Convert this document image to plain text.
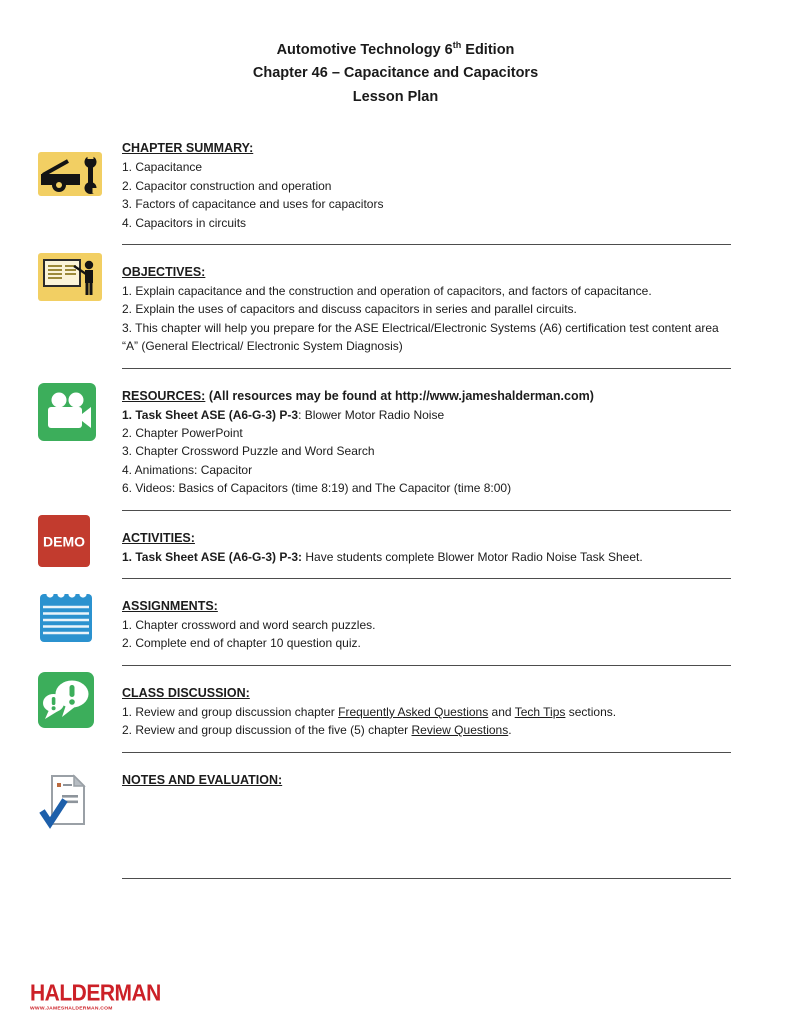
Automotive Technology 6th Edition
Chapter 46 – Capacitance and Capacitors
Lesson Plan
CHAPTER SUMMARY:

1. Capacitance

2. Capacitor construction and operation

3. Factors of capacitance and uses for capacitors

4. Capacitors in circuits

OBJECTIVES:

1. Explain capacitance and the construction and operation of capacitors, and factors of capacitance.

2. Explain the uses of capacitors and discuss capacitors in series and parallel circuits.

3. This chapter will help you prepare for the ASE Electrical/Electronic Systems (A6) certification test content area “A” (General Electrical/ Electronic System Diagnosis)

RESOURCES: (All resources may be found at http://www.jameshalderman.com)

1. Task Sheet ASE (A6-G-3) P-3: Blower Motor Radio Noise

2. Chapter PowerPoint

3. Chapter Crossword Puzzle and Word Search

4. Animations: Capacitor

6. Videos: Basics of Capacitors (time 8:19) and The Capacitor (time 8:00)

DEMO	ACTIVITIES:

1. Task Sheet ASE (A6-G-3) P-3: Have students complete Blower Motor Radio Noise Task Sheet.

ASSIGNMENTS:

1. Chapter crossword and word search puzzles.

2. Complete end of chapter 10 question quiz.

CLASS DISCUSSION:

1. Review and group discussion chapter Frequently Asked Questions and Tech Tips sections.

2. Review and group discussion of the five (5) chapter Review Questions.

NOTES AND EVALUATION:
HALDERMAN
WWW.JAMESHALDERMAN.COM
